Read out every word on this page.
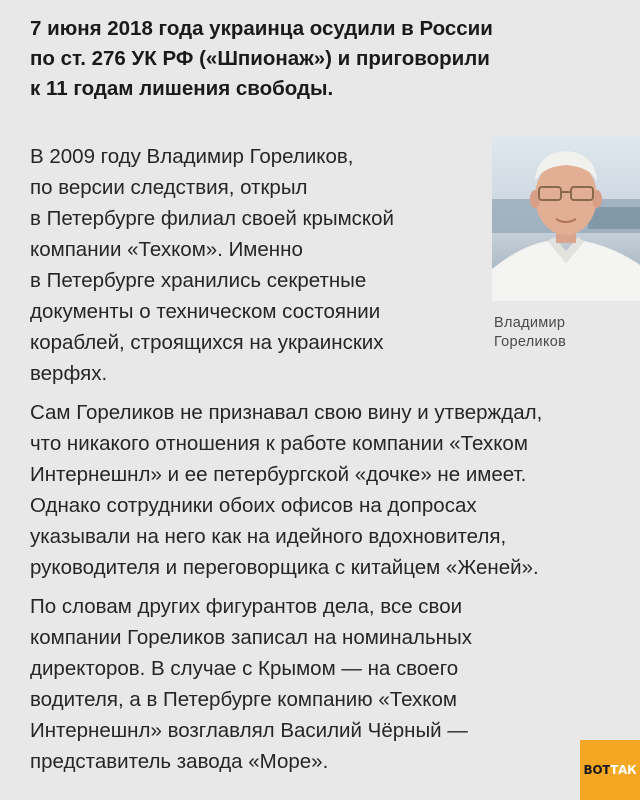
7 июня 2018 года украинца осудили в России
по ст. 276 УК РФ («Шпионаж») и приговорили
к 11 годам лишения свободы.

В 2009 году Владимир Гореликов,
по версии следствия, открыл
в Петербурге филиал своей крымской
компании «Техком». Именно
в Петербурге хранились секретные
документы о техническом состоянии
кораблей, строящихся на украинских
верфях.

Владимир
Гореликов

Сам Гореликов не признавал свою вину и утверждал,
что никакого отношения к работе компании «Техком
Интернешнл» и ее петербургской «дочке» не имеет.
Однако сотрудники обоих офисов на допросах
указывали на него как на идейного вдохновителя,
руководителя и переговорщика с китайцем «Женей».

По словам других фигурантов дела, все свои
компании Гореликов записал на номинальных
директоров. В случае с Крымом — на своего
водителя, а в Петербурге компанию «Техком
Интернешнл» возглавлял Василий Чёрный —
представитель завода «Море».	ВОТТАК
